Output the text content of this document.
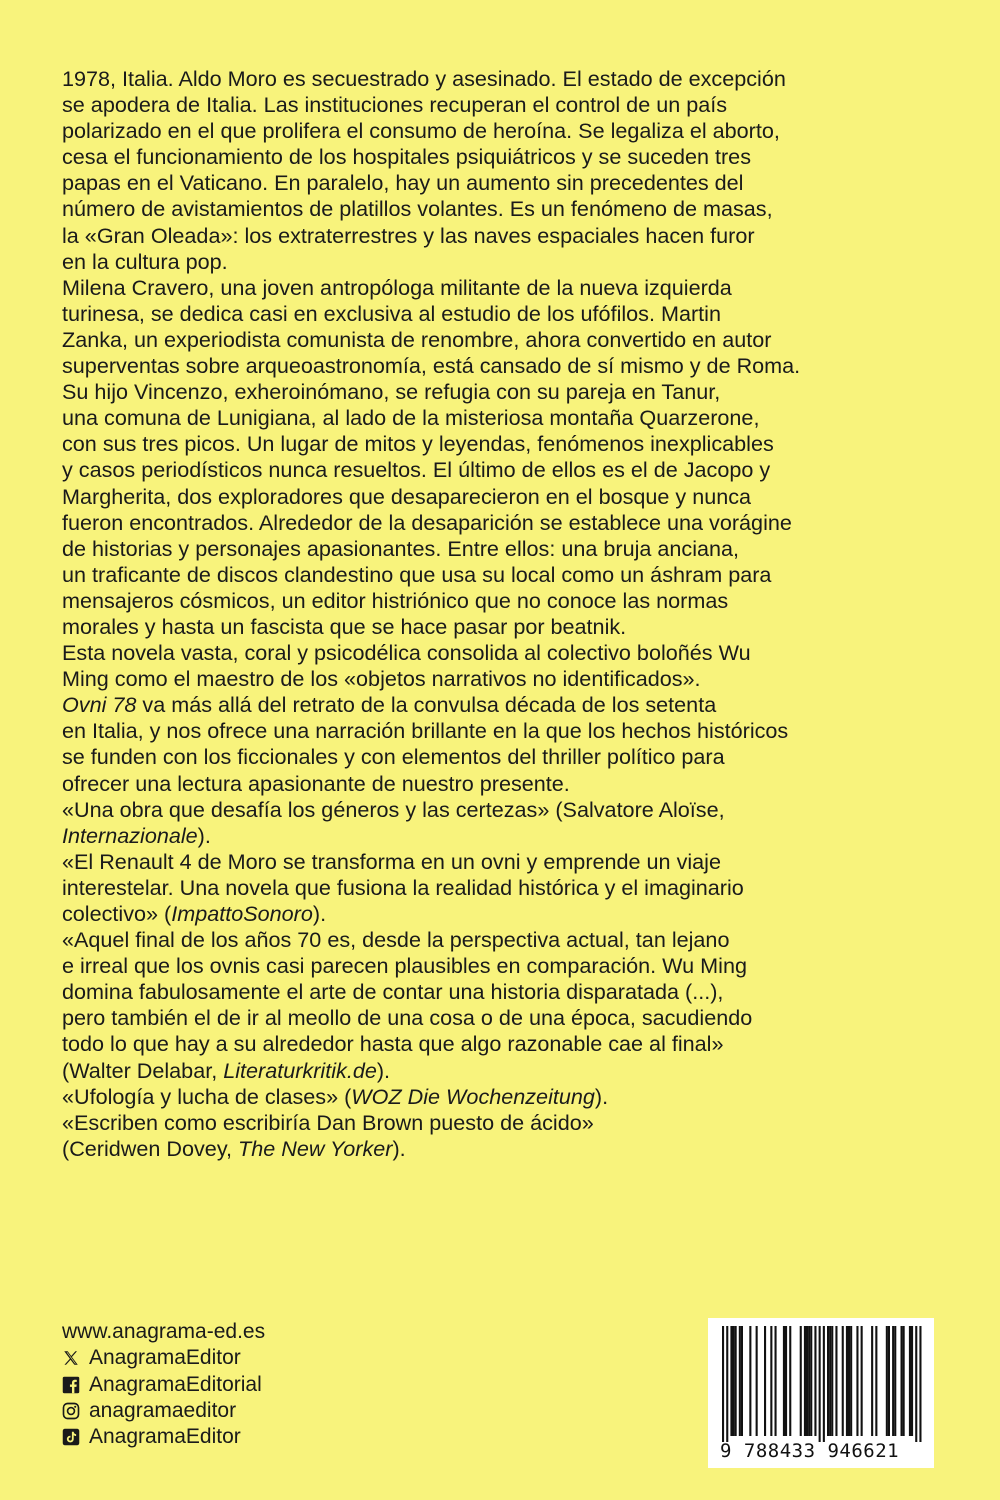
1978, Italia. Aldo Moro es secuestrado y asesinado. El estado de excepción
se apodera de Italia. Las instituciones recuperan el control de un país
polarizado en el que prolifera el consumo de heroína. Se legaliza el aborto,
cesa el funcionamiento de los hospitales psiquiátricos y se suceden tres
papas en el Vaticano. En paralelo, hay un aumento sin precedentes del
número de avistamientos de platillos volantes. Es un fenómeno de masas,
la «Gran Oleada»: los extraterrestres y las naves espaciales hacen furor
en la cultura pop.
Milena Cravero, una joven antropóloga militante de la nueva izquierda
turinesa, se dedica casi en exclusiva al estudio de los ufófilos. Martin
Zanka, un experiodista comunista de renombre, ahora convertido en autor
superventas sobre arqueoastronomía, está cansado de sí mismo y de Roma.
Su hijo Vincenzo, exheroinómano, se refugia con su pareja en Tanur,
una comuna de Lunigiana, al lado de la misteriosa montaña Quarzerone,
con sus tres picos. Un lugar de mitos y leyendas, fenómenos inexplicables
y casos periodísticos nunca resueltos. El último de ellos es el de Jacopo y
Margherita, dos exploradores que desaparecieron en el bosque y nunca
fueron encontrados. Alrededor de la desaparición se establece una vorágine
de historias y personajes apasionantes. Entre ellos: una bruja anciana,
un traficante de discos clandestino que usa su local como un áshram para
mensajeros cósmicos, un editor histriónico que no conoce las normas
morales y hasta un fascista que se hace pasar por beatnik.
Esta novela vasta, coral y psicodélica consolida al colectivo boloñés Wu
Ming como el maestro de los «objetos narrativos no identificados».
Ovni 78 va más allá del retrato de la convulsa década de los setenta
en Italia, y nos ofrece una narración brillante en la que los hechos históricos
se funden con los ficcionales y con elementos del thriller político para
ofrecer una lectura apasionante de nuestro presente.
«Una obra que desafía los géneros y las certezas» (Salvatore Aloïse,
Internazionale).
«El Renault 4 de Moro se transforma en un ovni y emprende un viaje
interestelar. Una novela que fusiona la realidad histórica y el imaginario
colectivo» (ImpattoSonoro).
«Aquel final de los años 70 es, desde la perspectiva actual, tan lejano
e irreal que los ovnis casi parecen plausibles en comparación. Wu Ming
domina fabulosamente el arte de contar una historia disparatada (...),
pero también el de ir al meollo de una cosa o de una época, sacudiendo
todo lo que hay a su alrededor hasta que algo razonable cae al final»
(Walter Delabar, Literaturkritik.de).
«Ufología y lucha de clases» (WOZ Die Wochenzeitung).
«Escriben como escribiría Dan Brown puesto de ácido»
(Ceridwen Dovey, The New Yorker).
www.anagrama-ed.es
AnagramaEditor
AnagramaEditorial
anagramaeditor
AnagramaEditor
9 788433 946621
